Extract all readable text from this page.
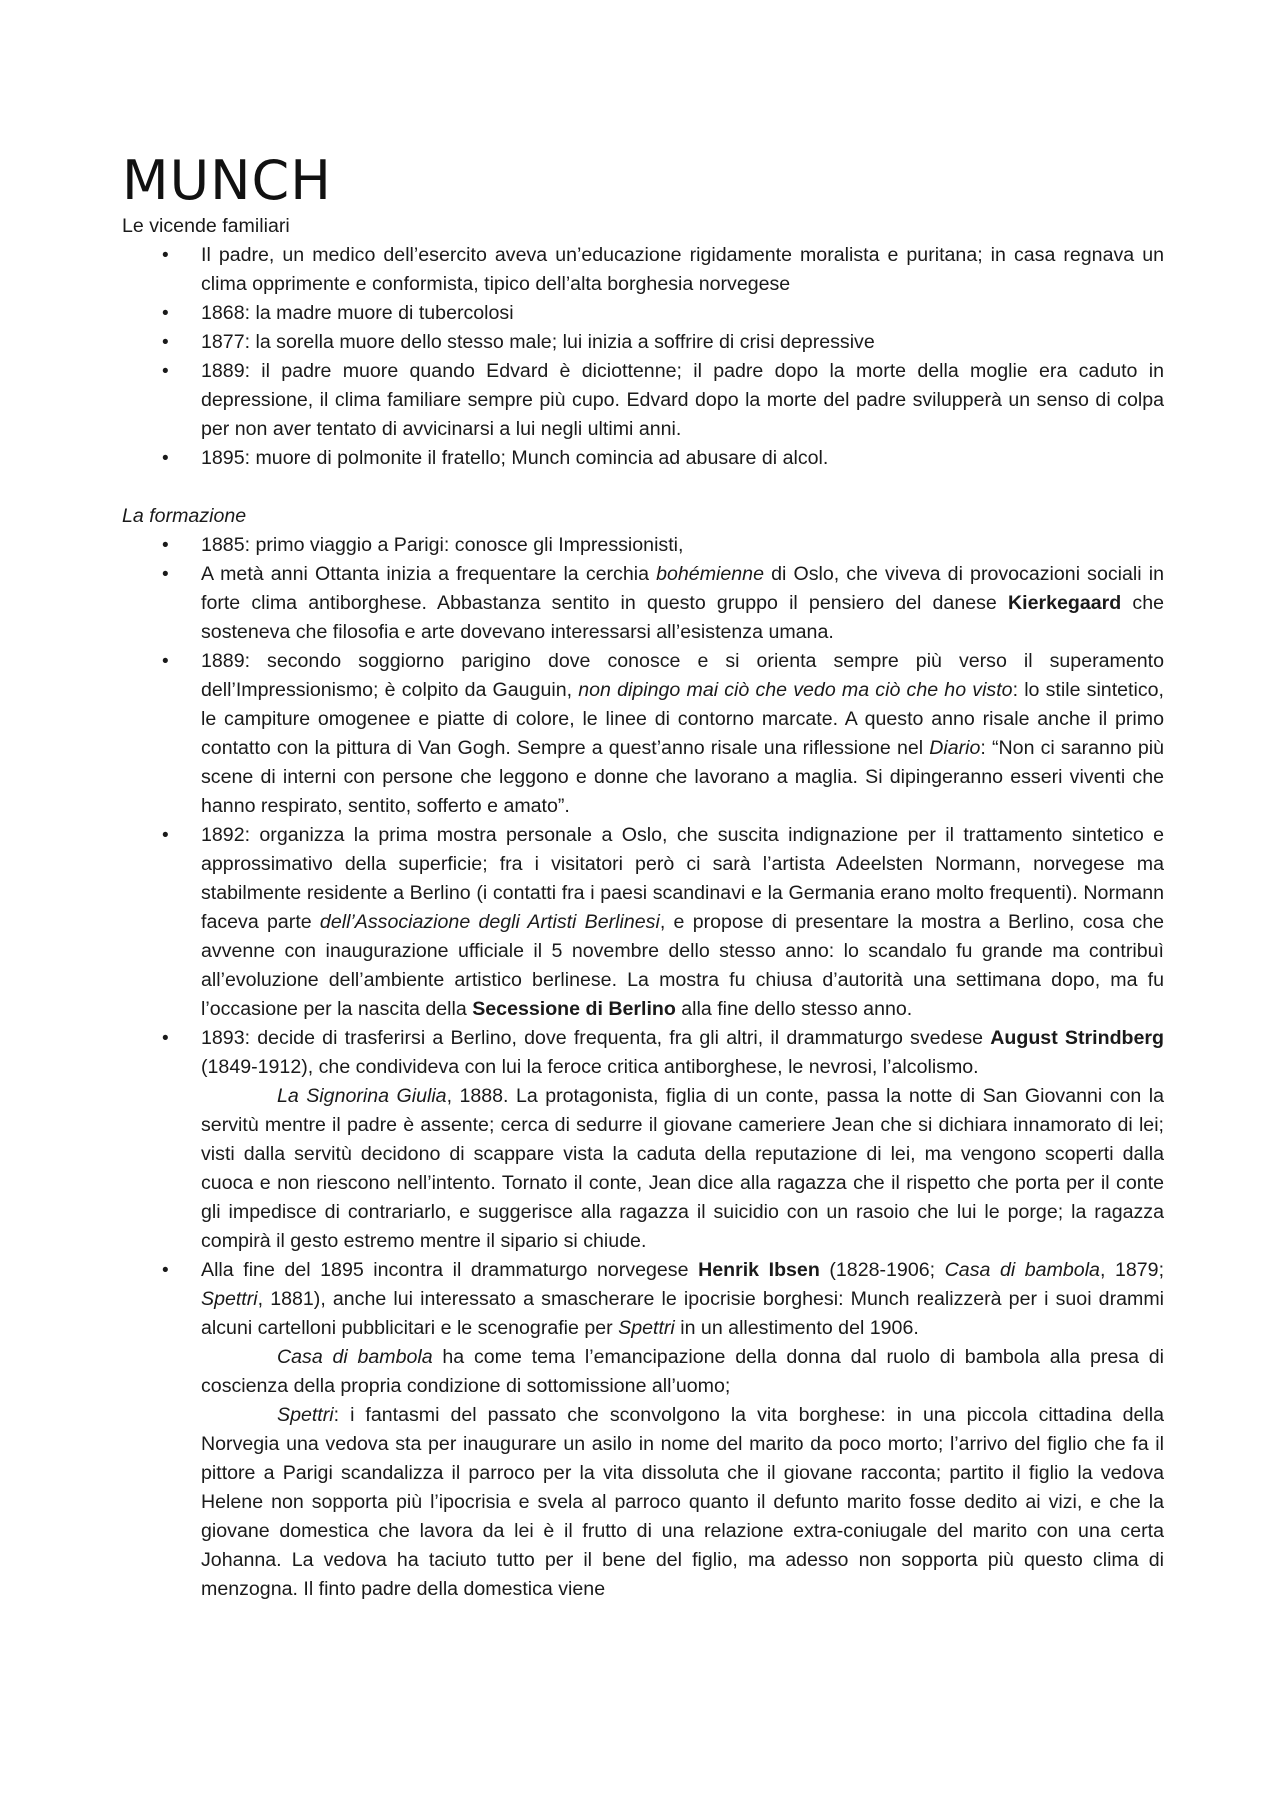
MUNCH

Le vicende familiari

• Il padre, un medico dell’esercito aveva un’educazione rigidamente moralista e puritana; in casa regnava un clima opprimente e conformista, tipico dell’alta borghesia norvegese
• 1868: la madre muore di tubercolosi
• 1877: la sorella muore dello stesso male; lui inizia a soffrire di crisi depressive
• 1889: il padre muore quando Edvard è diciottenne; il padre dopo la morte della moglie era caduto in depressione, il clima familiare sempre più cupo. Edvard dopo la morte del padre svilupperà un senso di colpa per non aver tentato di avvicinarsi a lui negli ultimi anni.
• 1895: muore di polmonite il fratello; Munch comincia ad abusare di alcol.

La formazione

• 1885: primo viaggio a Parigi: conosce gli Impressionisti,
• A metà anni Ottanta inizia a frequentare la cerchia bohémienne di Oslo, che viveva di provocazioni sociali in forte clima antiborghese. Abbastanza sentito in questo gruppo il pensiero del danese Kierkegaard che sosteneva che filosofia e arte dovevano interessarsi all’esistenza umana.
• 1889: secondo soggiorno parigino dove conosce e si orienta sempre più verso il superamento dell’Impressionismo; è colpito da Gauguin, non dipingo mai ciò che vedo ma ciò che ho visto: lo stile sintetico, le campiture omogenee e piatte di colore, le linee di contorno marcate. A questo anno risale anche il primo contatto con la pittura di Van Gogh. Sempre a quest’anno risale una riflessione nel Diario: “Non ci saranno più scene di interni con persone che leggono e donne che lavorano a maglia. Si dipingeranno esseri viventi che hanno respirato, sentito, sofferto e amato”.
• 1892: organizza la prima mostra personale a Oslo, che suscita indignazione per il trattamento sintetico e approssimativo della superficie; fra i visitatori però ci sarà l’artista Adeelsten Normann, norvegese ma stabilmente residente a Berlino (i contatti fra i paesi scandinavi e la Germania erano molto frequenti). Normann faceva parte dell’Associazione degli Artisti Berlinesi, e propose di presentare la mostra a Berlino, cosa che avvenne con inaugurazione ufficiale il 5 novembre dello stesso anno: lo scandalo fu grande ma contribuì all’evoluzione dell’ambiente artistico berlinese. La mostra fu chiusa d’autorità una settimana dopo, ma fu l’occasione per la nascita della Secessione di Berlino alla fine dello stesso anno.
• 1893: decide di trasferirsi a Berlino, dove frequenta, fra gli altri, il drammaturgo svedese August Strindberg (1849-1912), che condivideva con lui la feroce critica antiborghese, le nevrosi, l’alcolismo.

La Signorina Giulia, 1888. La protagonista, figlia di un conte, passa la notte di San Giovanni con la servitù mentre il padre è assente; cerca di sedurre il giovane cameriere Jean che si dichiara innamorato di lei; visti dalla servitù decidono di scappare vista la caduta della reputazione di lei, ma vengono scoperti dalla cuoca e non riescono nell’intento. Tornato il conte, Jean dice alla ragazza che il rispetto che porta per il conte gli impedisce di contrariarlo, e suggerisce alla ragazza il suicidio con un rasoio che lui le porge; la ragazza compirà il gesto estremo mentre il sipario si chiude.

• Alla fine del 1895 incontra il drammaturgo norvegese Henrik Ibsen (1828-1906; Casa di bambola, 1879; Spettri, 1881), anche lui interessato a smascherare le ipocrisie borghesi: Munch realizzerà per i suoi drammi alcuni cartelloni pubblicitari e le scenografie per Spettri in un allestimento del 1906.

Casa di bambola ha come tema l’emancipazione della donna dal ruolo di bambola alla presa di coscienza della propria condizione di sottomissione all’uomo;

Spettri: i fantasmi del passato che sconvolgono la vita borghese: in una piccola cittadina della Norvegia una vedova sta per inaugurare un asilo in nome del marito da poco morto; l’arrivo del figlio che fa il pittore a Parigi scandalizza il parroco per la vita dissoluta che il giovane racconta; partito il figlio la vedova Helene non sopporta più l’ipocrisia e svela al parroco quanto il defunto marito fosse dedito ai vizi, e che la giovane domestica che lavora da lei è il frutto di una relazione extra-coniugale del marito con una certa Johanna. La vedova ha taciuto tutto per il bene del figlio, ma adesso non sopporta più questo clima di menzogna. Il finto padre della domestica viene
